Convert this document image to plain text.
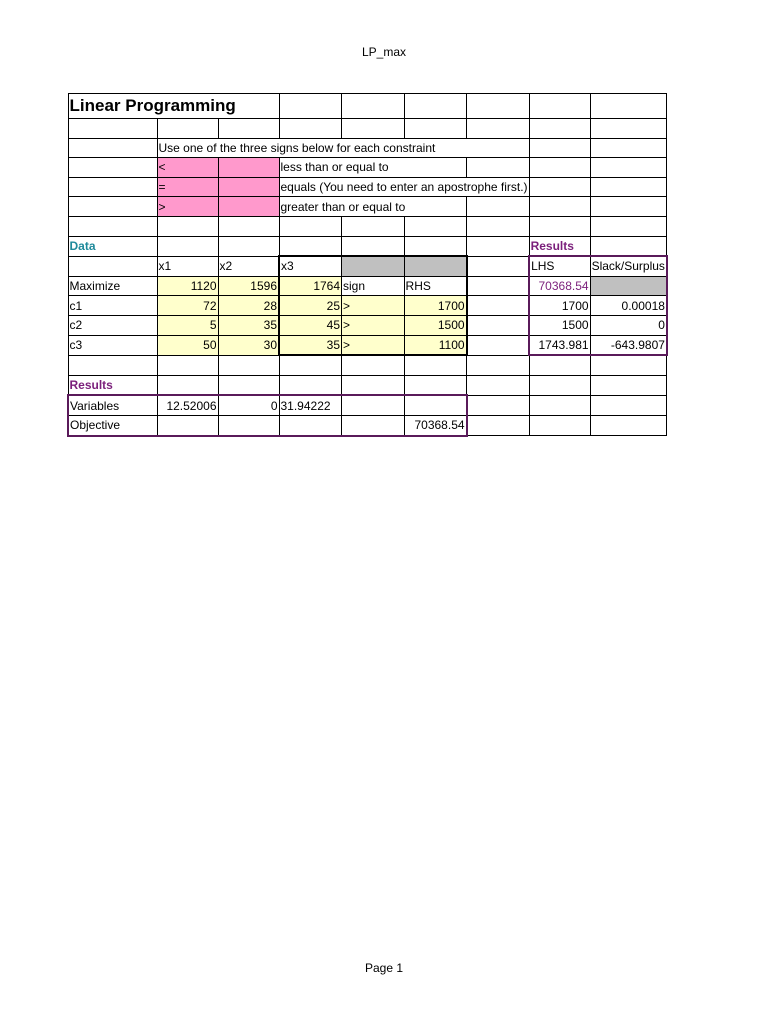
LP_max
Linear Programming								

	Use one of the three signs below for each constraint							
	<		less than or equal to					
	=		equals (You need to enter an apostrophe first.)					
	>		greater than or equal to					

Data							Results	
	x1	x2	x3				LHS	Slack/Surplus
Maximize	1120	1596	1764	sign	RHS		70368.54	
c1	72	28	25	>	1700		1700	0.00018
c2	5	35	45	>	1500		1500	0
c3	50	30	35	>	1100		1743.981	-643.9807

Results								
Variables	12.52006	0	31.94222					
Objective					70368.54			
Page 1
